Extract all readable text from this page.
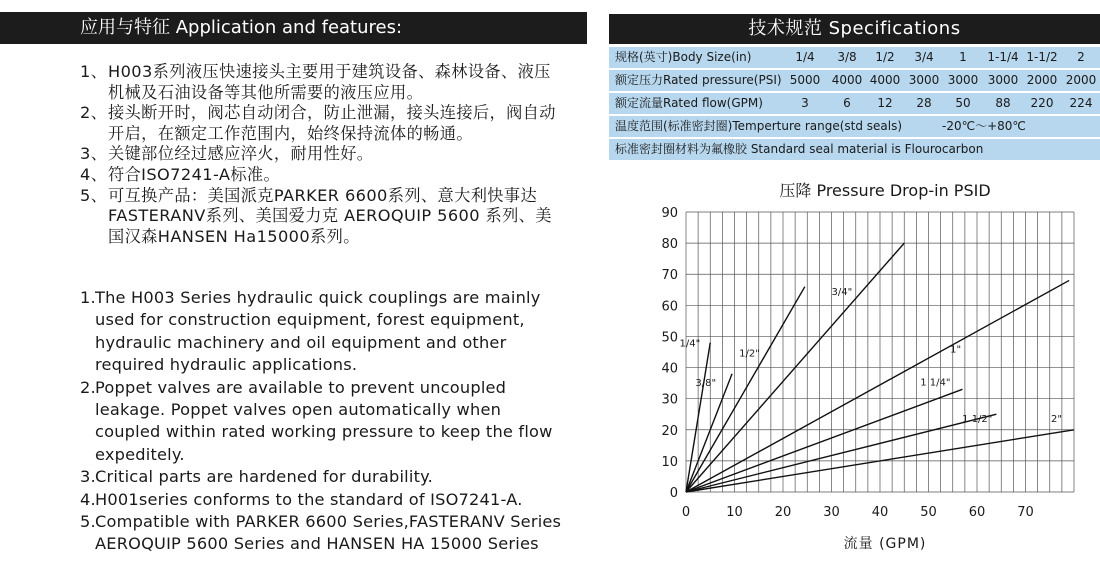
应用与特征 Application and features:
1、 H003系列液压快速接头主要用于建筑设备、森林设备、液压机械及石油设备等其他所需要的液压应用。
2、 接头断开时，阀芯自动闭合，防止泄漏，接头连接后，阀自动开启，在额定工作范围内，始终保持流体的畅通。
3、 关键部位经过感应淬火，耐用性好。
4、 符合ISO7241-A标准。
5、 可互换产品：美国派克PARKER 6600系列、意大利快事达 FASTERANV系列、美国爱力克 AEROQUIP 5600 系列、美国汉森HANSEN Ha15000系列。
1. The H003 Series hydraulic quick couplings are mainly used for construction equipment, forest equipment, hydraulic machinery and oil equipment and other required hydraulic applications.
2. Poppet valves are available to prevent uncoupled leakage. Poppet valves open automatically when coupled within rated working pressure to keep the flow expeditely.
3. Critical parts are hardened for durability.
4. H001series conforms to the standard of ISO7241-A.
5. Compatible with PARKER 6600 Series,FASTERANV Series AEROQUIP 5600 Series and HANSEN HA 15000 Series
技术规范 Specifications
规格(英寸)Body Size(in)	1/4	3/8	1/2	3/4	1	1-1/4 1-1/2	2
额定压力Rated pressure(PSI) 5000 4000 4000 3000 3000 3000 2000 2000
额定流量Rated flow(GPM)	3	6	12	28	50	88	220	224
温度范围(标准密封圈)Temperture range(std seals)	-20℃～+80℃
标准密封圈材料为氟橡胶 Standard seal material is Flourocarbon
压降 Pressure Drop-in PSID
0
10
20
30
40
50
60
70
80
90
0	10 20 30 40 50 60 70
1/4"
3/8"
1/2"
3/4"
1"
1 1/4"
1 1/2"	2"
流量 (GPM)
